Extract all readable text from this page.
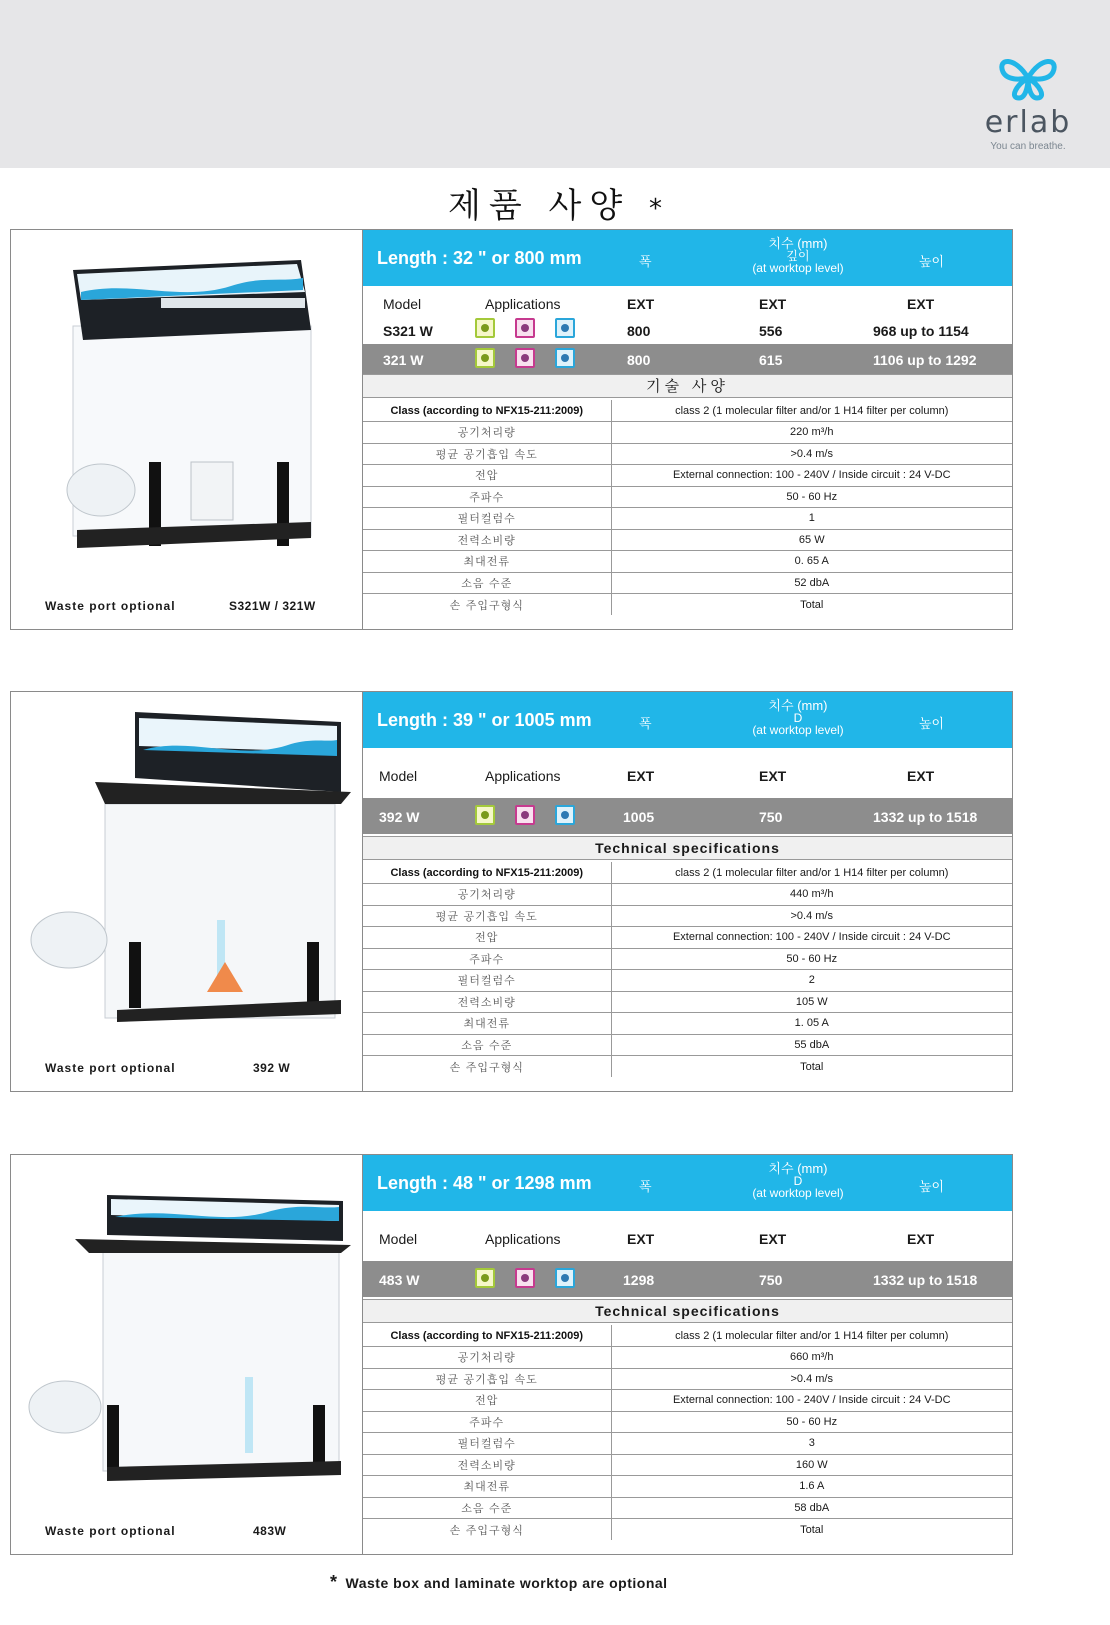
erlab
You can breathe.
제품 사양 *
Waste port optional	S321W / 321W
Length : 32 " or 800 mm	폭
치수 (mm)
깊이
(at worktop level)	높이
Model	Applications	EXT	EXT	EXT
S321 W	800	556	968 up to 1154
321 W	800	615	1106 up to 1292
기술 사양
Class (according to NFX15-211:2009)	class 2 (1 molecular filter and/or 1 H14 filter per column)
공기처리량	220 m³/h
평균 공기흡입 속도	>0.4 m/s
전압	External connection: 100 - 240V / Inside circuit : 24 V-DC
주파수	50 - 60 Hz
필터컬럼수	1
전력소비량	65 W
최대전류	0. 65 A
소음 수준	52 dbA
손 주입구형식	Total
Waste port optional	392 W
Length : 39 " or 1005 mm	폭
치수 (mm)
D
(at worktop level)	높이
Model	Applications	EXT	EXT	EXT
392 W	1005	750	1332 up to 1518
Technical specifications
Class (according to NFX15-211:2009)	class 2 (1 molecular filter and/or 1 H14 filter per column)
공기처리량	440 m³/h
평균 공기흡입 속도	>0.4 m/s
전압	External connection: 100 - 240V / Inside circuit : 24 V-DC
주파수	50 - 60 Hz
필터컬럼수	2
전력소비량	105 W
최대전류	1. 05 A
소음 수준	55 dbA
손 주입구형식	Total
Waste port optional	483W
Length : 48 " or 1298 mm	폭
치수 (mm)
D
(at worktop level)	높이
Model	Applications	EXT	EXT	EXT
483 W	1298	750	1332 up to 1518
Technical specifications
Class (according to NFX15-211:2009)	class 2 (1 molecular filter and/or 1 H14 filter per column)
공기처리량	660 m³/h
평균 공기흡입 속도	>0.4 m/s
전압	External connection: 100 - 240V / Inside circuit : 24 V-DC
주파수	50 - 60 Hz
필터컬럼수	3
전력소비량	160 W
최대전류	1.6 A
소음 수준	58 dbA
손 주입구형식	Total
* Waste box and laminate worktop are optional
